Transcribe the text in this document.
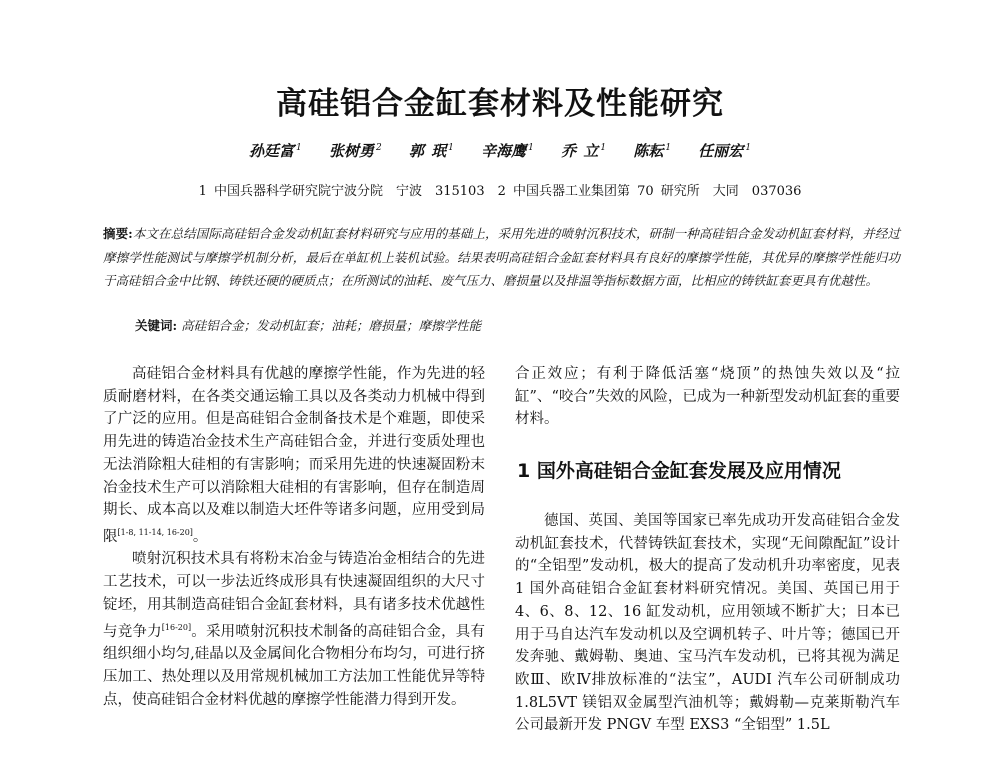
高硅铝合金缸套材料及性能研究
孙廷富 $^1$ 张树勇 $^2$ 郭 珉 $^1$ 辛海鹰 $^1$ 乔 立 $^1$ 陈耘 $^1$ 任丽宏 $^1$
1 中国兵器科学研究院宁波分院　宁波　315103　2 中国兵器工业集团第 70 研究所　大同　037036
摘要:本文在总结国际高硅铝合金发动机缸套材料研究与应用的基础上，采用先进的喷射沉积技术，研制一种高硅铝合金发动机缸套材料，并经过摩擦学性能测试与摩擦学机制分析，最后在单缸机上装机试验。结果表明高硅铝合金缸套材料具有良好的摩擦学性能，其优异的摩擦学性能归功于高硅铝合金中比钢、铸铁还硬的硬质点；在所测试的油耗、废气压力、磨损量以及排温等指标数据方面，比相应的铸铁缸套更具有优越性。
关键词: 高硅铝合金；发动机缸套；油耗；磨损量；摩擦学性能

高硅铝合金材料具有优越的摩擦学性能，作为先进的轻质耐磨材料，在各类交通运输工具以及各类动力机械中得到了广泛的应用。但是高硅铝合金制备技术是个难题，即使采用先进的铸造冶金技术生产高硅铝合金，并进行变质处理也无法消除粗大硅相的有害影响；而采用先进的快速凝固粉末冶金技术生产可以消除粗大硅相的有害影响，但存在制造周期长、成本高以及难以制造大坯件等诸多问题，应用受到局限[1-8, 11-14, 16-20]。

喷射沉积技术具有将粉末冶金与铸造冶金相结合的先进工艺技术，可以一步法近终成形具有快速凝固组织的大尺寸锭坯，用其制造高硅铝合金缸套材料，具有诸多技术优越性与竞争力[16-20]。采用喷射沉积技术制备的高硅铝合金，具有组织细小均匀,硅晶以及金属间化合物相分布均匀，可进行挤压加工、热处理以及用常规机械加工方法加工性能优异等特点，使高硅铝合金材料优越的摩擦学性能潜力得到开发。

合正效应；有利于降低活塞“烧顶”的热蚀失效以及“拉缸”、“咬合”失效的风险，已成为一种新型发动机缸套的重要材料。

1 国外高硅铝合金缸套发展及应用情况

德国、英国、美国等国家已率先成功开发高硅铝合金发动机缸套技术，代替铸铁缸套技术，实现“无间隙配缸”设计的“全铝型”发动机，极大的提高了发动机升功率密度，见表 1 国外高硅铝合金缸套材料研究情况。美国、英国已用于 4、6、8、12、16 缸发动机，应用领域不断扩大；日本已用于马自达汽车发动机以及空调机转子、叶片等；德国已开发奔驰、戴姆勒、奥迪、宝马汽车发动机，已将其视为满足欧Ⅲ、欧Ⅳ排放标准的“法宝”，AUDI 汽车公司研制成功 1.8L5VT 镁铝双金属型汽油机等；戴姆勒—克莱斯勒汽车公司最新开发 PNGV 车型 EXS3 “全铝型” 1.5L
